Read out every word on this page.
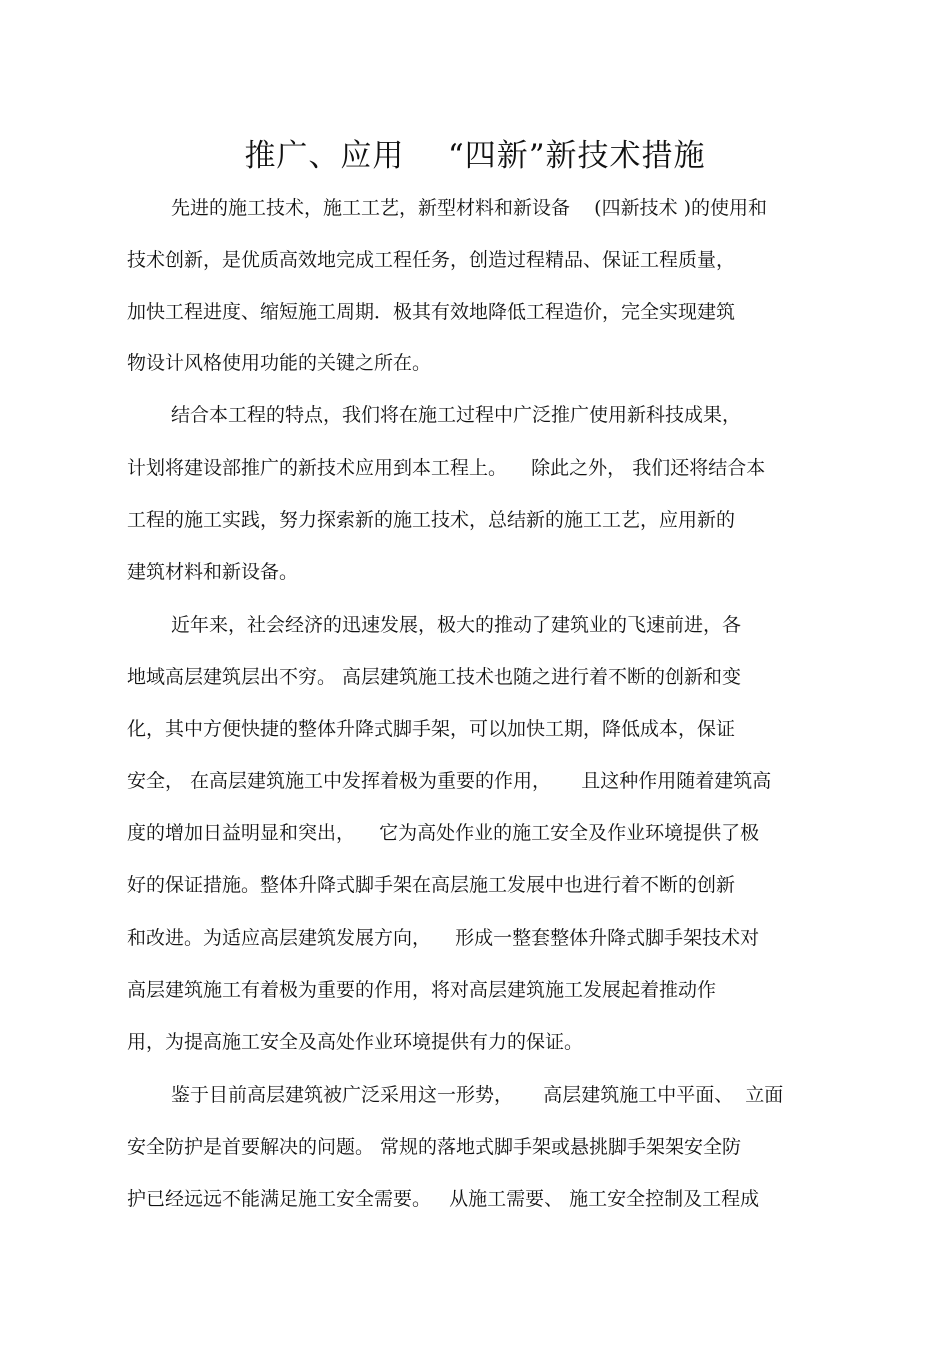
推广、应用    “四新”新技术措施
先进的施工技术，施工工艺，新型材料和新设备    (四新技术 )的使用和
技术创新，是优质高效地完成工程任务，创造过程精品、保证工程质量，
加快工程进度、缩短施工周期．极其有效地降低工程造价，完全实现建筑
物设计风格使用功能的关键之所在。
结合本工程的特点，我们将在施工过程中广泛推广使用新科技成果，
计划将建设部推广的新技术应用到本工程上。    除此之外， 我们还将结合本
工程的施工实践，努力探索新的施工技术，总结新的施工工艺，应用新的
建筑材料和新设备。
近年来，社会经济的迅速发展，极大的推动了建筑业的飞速前进，各
地域高层建筑层出不穷。 高层建筑施工技术也随之进行着不断的创新和变
化，其中方便快捷的整体升降式脚手架，可以加快工期，降低成本，保证
安全， 在高层建筑施工中发挥着极为重要的作用，     且这种作用随着建筑高
度的增加日益明显和突出，    它为高处作业的施工安全及作业环境提供了极
好的保证措施。整体升降式脚手架在高层施工发展中也进行着不断的创新
和改进。为适应高层建筑发展方向，    形成一整套整体升降式脚手架技术对
高层建筑施工有着极为重要的作用，将对高层建筑施工发展起着推动作
用，为提高施工安全及高处作业环境提供有力的保证。
鉴于目前高层建筑被广泛采用这一形势，     高层建筑施工中平面、  立面
安全防护是首要解决的问题。 常规的落地式脚手架或悬挑脚手架架安全防
护已经远远不能满足施工安全需要。   从施工需要、 施工安全控制及工程成
